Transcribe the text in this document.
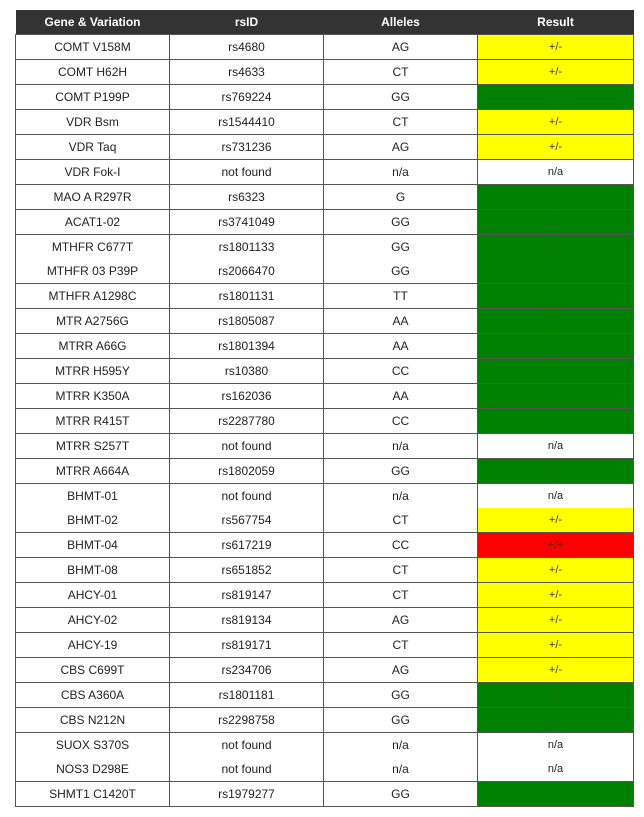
Gene & Variation	rsID	Alleles	Result
COMT V158M	rs4680	AG	+/-
COMT H62H	rs4633	CT	+/-
COMT P199P	rs769224	GG	-/-
VDR Bsm	rs1544410	CT	+/-
VDR Taq	rs731236	AG	+/-
VDR Fok-I	not found	n/a	n/a
MAO A R297R	rs6323	G	-
ACAT1-02	rs3741049	GG	-/-
MTHFR C677T	rs1801133	GG	-/-
MTHFR 03 P39P	rs2066470	GG	-/-
MTHFR A1298C	rs1801131	TT	-/-
MTR A2756G	rs1805087	AA	-/-
MTRR A66G	rs1801394	AA	-/-
MTRR H595Y	rs10380	CC	-/-
MTRR K350A	rs162036	AA	-/-
MTRR R415T	rs2287780	CC	-/-
MTRR S257T	not found	n/a	n/a
MTRR A664A	rs1802059	GG	-/-
BHMT-01	not found	n/a	n/a
BHMT-02	rs567754	CT	+/-
BHMT-04	rs617219	CC	+/+
BHMT-08	rs651852	CT	+/-
AHCY-01	rs819147	CT	+/-
AHCY-02	rs819134	AG	+/-
AHCY-19	rs819171	CT	+/-
CBS C699T	rs234706	AG	+/-
CBS A360A	rs1801181	GG	-/-
CBS N212N	rs2298758	GG	-/-
SUOX S370S	not found	n/a	n/a
NOS3 D298E	not found	n/a	n/a
SHMT1 C1420T	rs1979277	GG	-/-
